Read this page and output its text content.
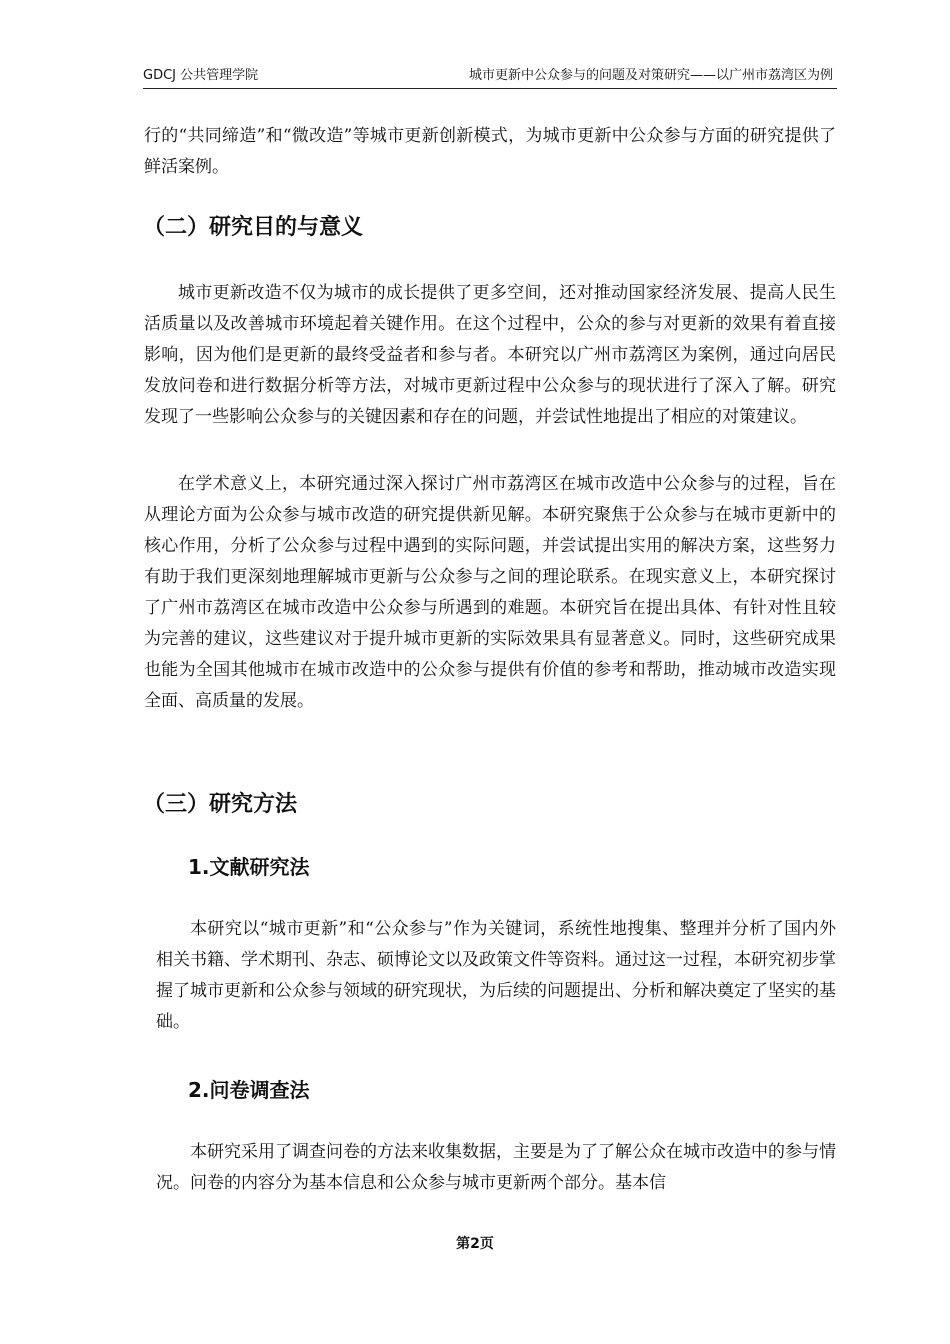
GDCJ 公共管理学院	城市更新中公众参与的问题及对策研究——以广州市荔湾区为例

行的“共同缔造”和“微改造”等城市更新创新模式，为城市更新中公众参与方面的研究提供了鲜活案例。

（二）研究目的与意义

城市更新改造不仅为城市的成长提供了更多空间，还对推动国家经济发展、提高人民生活质量以及改善城市环境起着关键作用。在这个过程中，公众的参与对更新的效果有着直接影响，因为他们是更新的最终受益者和参与者。本研究以广州市荔湾区为案例，通过向居民发放问卷和进行数据分析等方法，对城市更新过程中公众参与的现状进行了深入了解。研究发现了一些影响公众参与的关键因素和存在的问题，并尝试性地提出了相应的对策建议。

在学术意义上，本研究通过深入探讨广州市荔湾区在城市改造中公众参与的过程，旨在从理论方面为公众参与城市改造的研究提供新见解。本研究聚焦于公众参与在城市更新中的核心作用，分析了公众参与过程中遇到的实际问题，并尝试提出实用的解决方案，这些努力有助于我们更深刻地理解城市更新与公众参与之间的理论联系。在现实意义上，本研究探讨了广州市荔湾区在城市改造中公众参与所遇到的难题。本研究旨在提出具体、有针对性且较为完善的建议，这些建议对于提升城市更新的实际效果具有显著意义。同时，这些研究成果也能为全国其他城市在城市改造中的公众参与提供有价值的参考和帮助，推动城市改造实现全面、高质量的发展。

（三）研究方法
1.文献研究法

本研究以“城市更新”和“公众参与”作为关键词，系统性地搜集、整理并分析了国内外相关书籍、学术期刊、杂志、硕博论文以及政策文件等资料。通过这一过程，本研究初步掌握了城市更新和公众参与领域的研究现状，为后续的问题提出、分析和解决奠定了坚实的基础。

2.问卷调查法

本研究采用了调查问卷的方法来收集数据，主要是为了了解公众在城市改造中的参与情况。问卷的内容分为基本信息和公众参与城市更新两个部分。基本信

第2页
